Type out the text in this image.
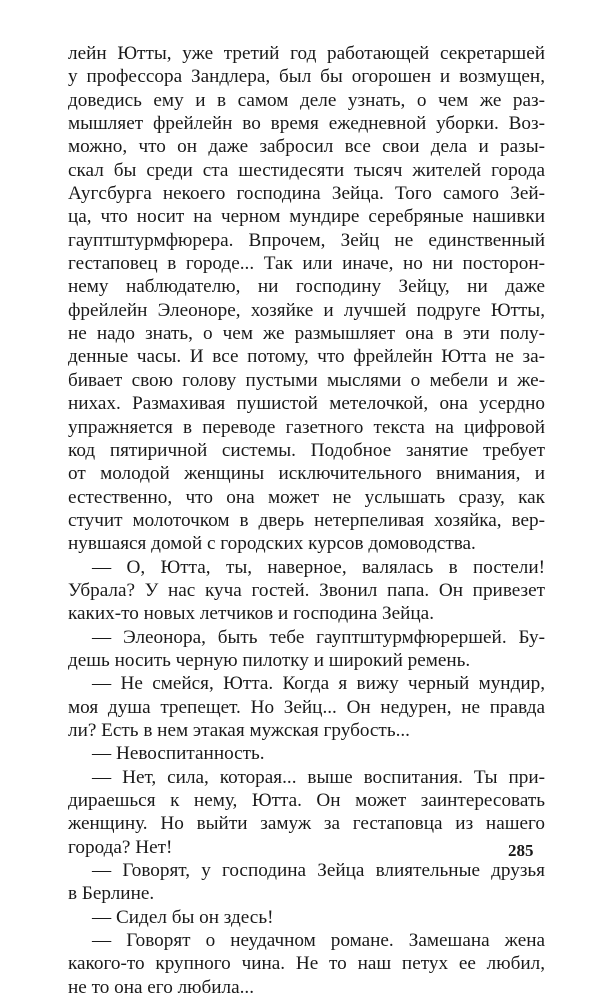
лейн Ютты, уже третий год работающей секретаршей
у профессора Зандлера, был бы огорошен и возмущен,
доведись ему и в самом деле узнать, о чем же раз-
мышляет фрейлейн во время ежедневной уборки. Воз-
можно, что он даже забросил все свои дела и разы-
скал бы среди ста шестидесяти тысяч жителей города
Аугсбурга некоего господина Зейца. Того самого Зей-
ца, что носит на черном мундире серебряные нашивки
гауптштурмфюрера. Впрочем, Зейц не единственный
гестаповец в городе... Так или иначе, но ни посторон-
нему наблюдателю, ни господину Зейцу, ни даже
фрейлейн Элеоноре, хозяйке и лучшей подруге Ютты,
не надо знать, о чем же размышляет она в эти полу-
денные часы. И все потому, что фрейлейн Ютта не за-
бивает свою голову пустыми мыслями о мебели и же-
нихах. Размахивая пушистой метелочкой, она усердно
упражняется в переводе газетного текста на цифровой
код пятиричной системы. Подобное занятие требует
от молодой женщины исключительного внимания, и
естественно, что она может не услышать сразу, как
стучит молоточком в дверь нетерпеливая хозяйка, вер-
нувшаяся домой с городских курсов домоводства.
— О, Ютта, ты, наверное, валялась в постели!
Убрала? У нас куча гостей. Звонил папа. Он привезет
каких-то новых летчиков и господина Зейца.
— Элеонора, быть тебе гауптштурмфюрершей. Бу-
дешь носить черную пилотку и широкий ремень.
— Не смейся, Ютта. Когда я вижу черный мундир,
моя душа трепещет. Но Зейц... Он недурен, не правда
ли? Есть в нем этакая мужская грубость...
— Невоспитанность.
— Нет, сила, которая... выше воспитания. Ты при-
дираешься к нему, Ютта. Он может заинтересовать
женщину. Но выйти замуж за гестаповца из нашего
города? Нет!
— Говорят, у господина Зейца влиятельные друзья
в Берлине.
— Сидел бы он здесь!
— Говорят о неудачном романе. Замешана жена
какого-то крупного чина. Не то наш петух ее любил,
не то она его любила...
285
